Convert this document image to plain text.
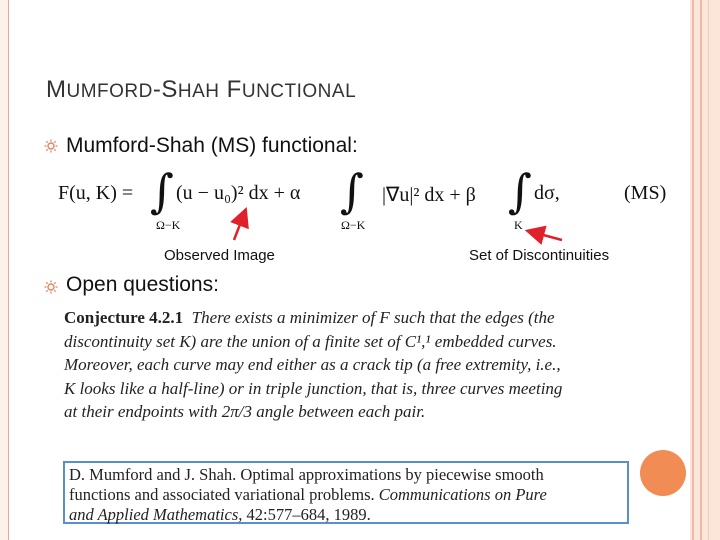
MUMFORD-SHAH FUNCTIONAL
Mumford-Shah (MS) functional:
F(u, K) = ∫
Ω−K
(u − u₀)² dx + α ∫
Ω−K
|∇u|² dx + β ∫
K
dσ,	(MS)
Observed Image	Set of Discontinuities
Open questions:
Conjecture 4.2.1 There exists a minimizer of F such that the edges (the
discontinuity set K) are the union of a finite set of C¹,¹ embedded curves.
Moreover, each curve may end either as a crack tip (a free extremity, i.e.,
K looks like a half-line) or in triple junction, that is, three curves meeting
at their endpoints with 2π/3 angle between each pair.
D. Mumford and J. Shah. Optimal approximations by piecewise smooth
functions and associated variational problems. Communications on Pure
and Applied Mathematics, 42:577–684, 1989.
